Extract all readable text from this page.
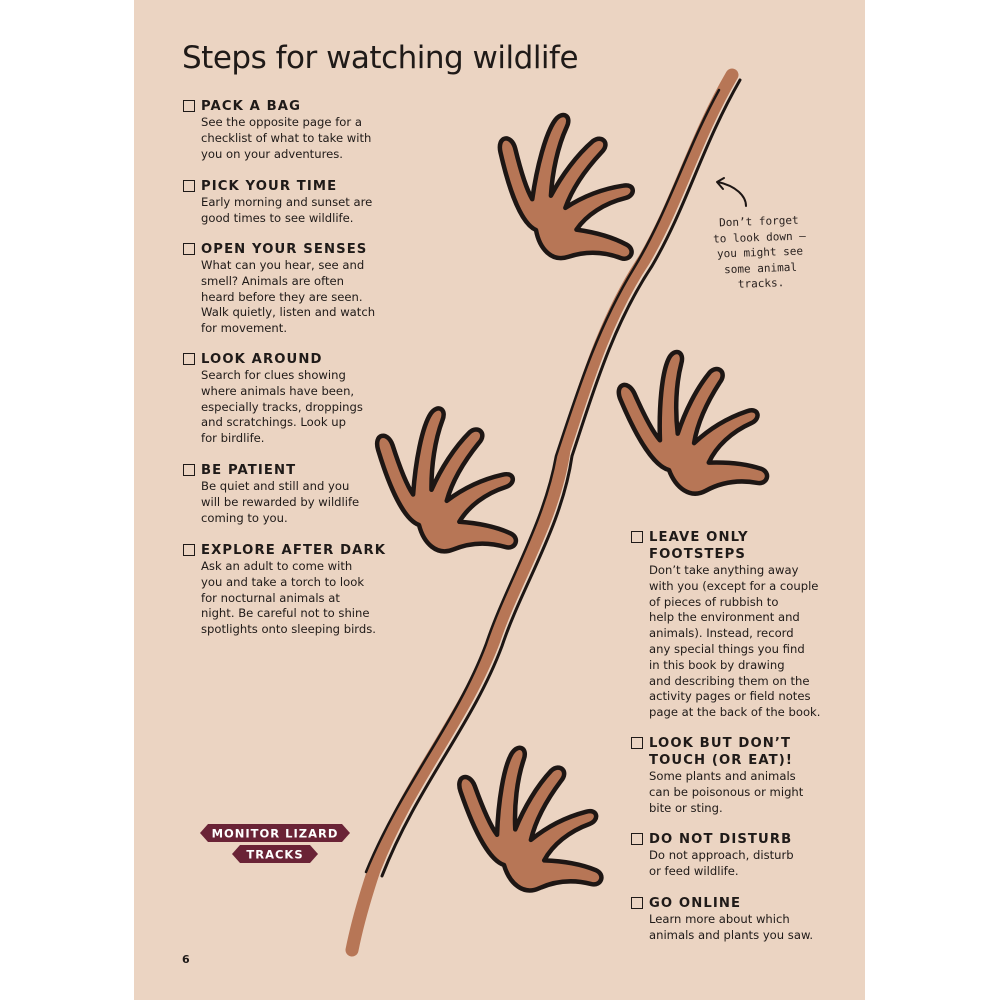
MONITOR LIZARD
TRACKS
Steps for watching wildlife
PACK A BAG
See the opposite page for a
checklist of what to take with
you on your adventures.
PICK YOUR TIME
Early morning and sunset are
good times to see wildlife.
OPEN YOUR SENSES
What can you hear, see and
smell? Animals are often
heard before they are seen.
Walk quietly, listen and watch
for movement.
LOOK AROUND
Search for clues showing
where animals have been,
especially tracks, droppings
and scratchings. Look up
for birdlife.
BE PATIENT
Be quiet and still and you
will be rewarded by wildlife
coming to you.
EXPLORE AFTER DARK
Ask an adult to come with
you and take a torch to look
for nocturnal animals at
night. Be careful not to shine
spotlights onto sleeping birds.
LEAVE ONLY
FOOTSTEPS
Don’t take anything away
with you (except for a couple
of pieces of rubbish to
help the environment and
animals). Instead, record
any special things you find
in this book by drawing
and describing them on the
activity pages or field notes
page at the back of the book.
LOOK BUT DON’T
TOUCH (OR EAT)!
Some plants and animals
can be poisonous or might
bite or sting.
DO NOT DISTURB
Do not approach, disturb
or feed wildlife.
GO ONLINE
Learn more about which
animals and plants you saw.
Don’t forget
to look down –
you might see
some animal
tracks.
6
